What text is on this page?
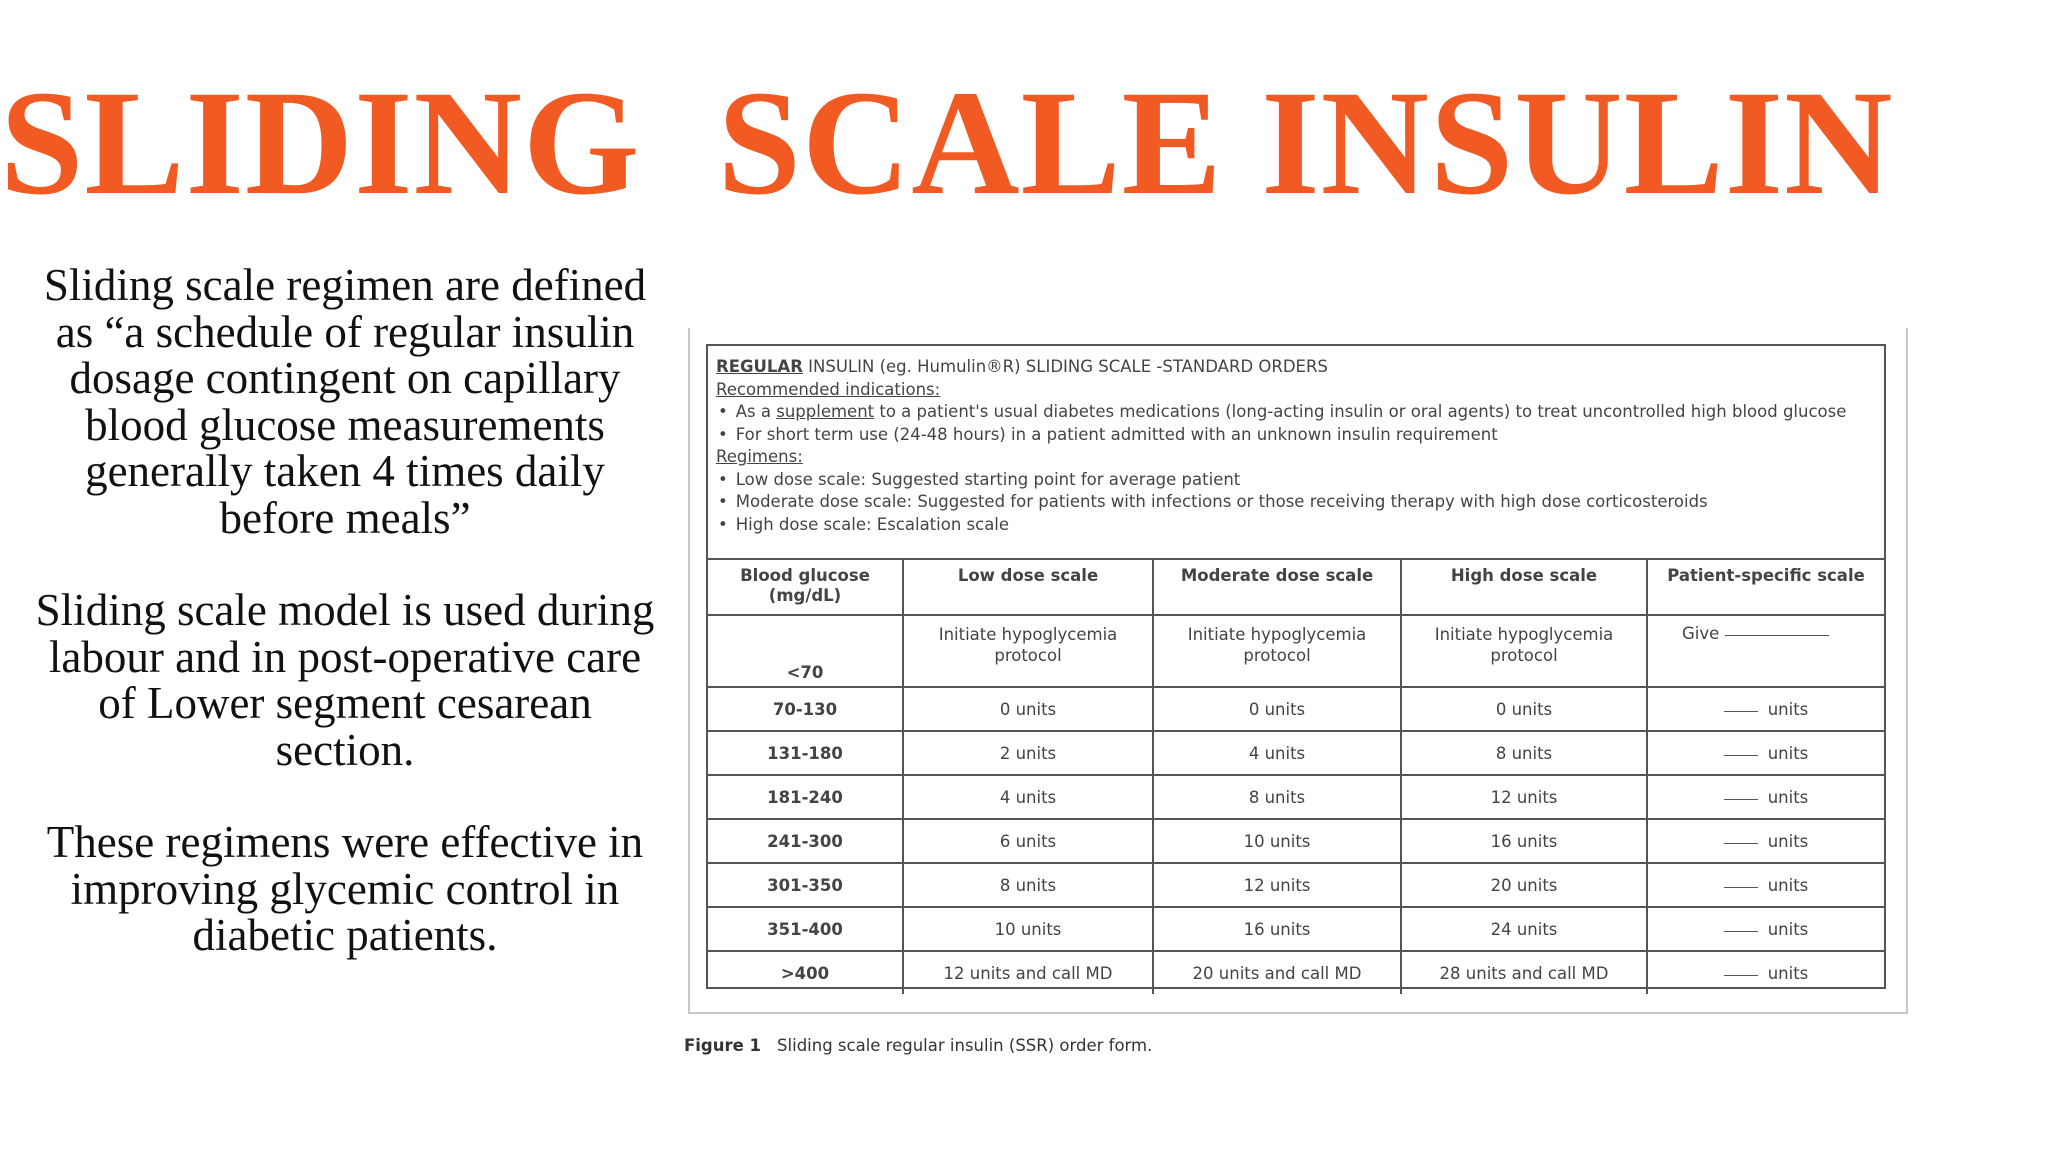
SLIDING  SCALE INSULIN

Sliding scale regimen are defined as “a schedule of regular insulin dosage contingent on capillary blood glucose measurements generally taken 4 times daily before meals”

Sliding scale model is used during labour and in post-operative care of Lower segment cesarean section.

These regimens were effective in improving glycemic control in diabetic patients.

REGULAR INSULIN (eg. Humulin®R) SLIDING SCALE -STANDARD ORDERS
Recommended indications:
• As a supplement to a patient's usual diabetes medications (long-acting insulin or oral agents) to treat uncontrolled high blood glucose
• For short term use (24-48 hours) in a patient admitted with an unknown insulin requirement
Regimens:
• Low dose scale: Suggested starting point for average patient
• Moderate dose scale: Suggested for patients with infections or those receiving therapy with high dose corticosteroids
• High dose scale: Escalation scale
Blood glucose (mg/dL)	Low dose scale	Moderate dose scale	High dose scale	Patient-specific scale
<70	Initiate hypoglycemia protocol	Initiate hypoglycemia protocol	Initiate hypoglycemia protocol	Give
70-130	0 units	0 units	0 units	units
131-180	2 units	4 units	8 units	units
181-240	4 units	8 units	12 units	units
241-300	6 units	10 units	16 units	units
301-350	8 units	12 units	20 units	units
351-400	10 units	16 units	24 units	units
>400	12 units and call MD	20 units and call MD	28 units and call MD	units
Figure 1 Sliding scale regular insulin (SSR) order form.
